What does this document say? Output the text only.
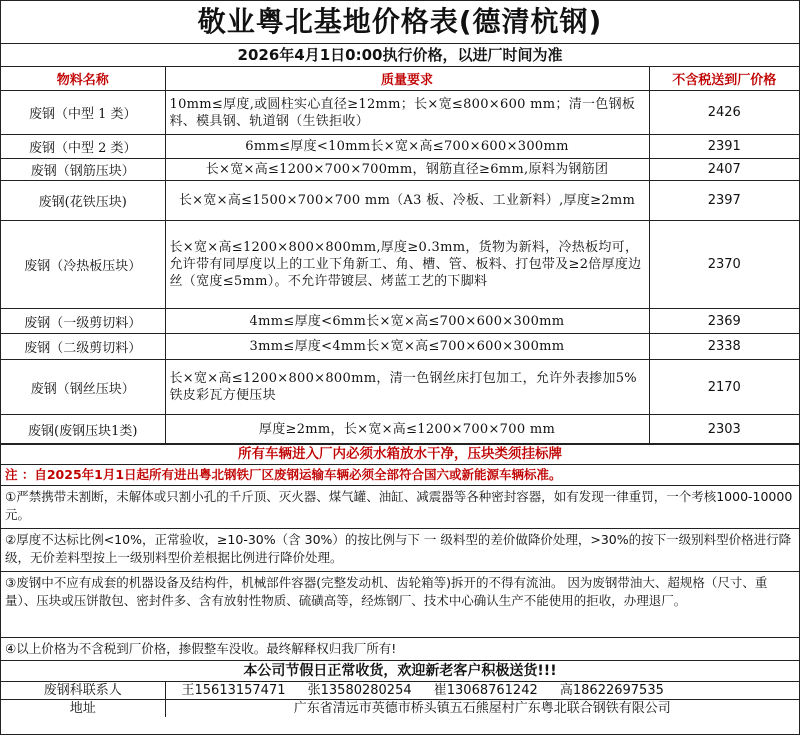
敬业粤北基地价格表(德清杭钢)
2026年4月1日0:00执行价格，以进厂时间为准
物料名称	质量要求	不含税送到厂价格
废钢（中型 1 类）	10mm≤厚度,或圆柱实心直径≥12mm；长×宽≤800×600 mm；清一色钢板料、模具钢、轨道钢（生铁拒收）	2426
废钢（中型 2 类）	6mm≤厚度<10mm长×宽×高≤700×600×300mm	2391
废钢（钢筋压块）	长×宽×高≤1200×700×700mm，钢筋直径≥6mm,原料为钢筋团	2407
废钢(花铁压块)	长×宽×高≤1500×700×700 mm（A3 板、冷板、工业新料）,厚度≥2mm	2397
废钢（冷热板压块）	长×宽×高≤1200×800×800mm,厚度≥0.3mm，货物为新料，冷热板均可，允许带有同厚度以上的工业下角新工、角、槽、管、板料、打包带及≥2倍厚度边丝（宽度≤5mm）。不允许带镀层、烤蓝工艺的下脚料	2370
废钢（一级剪切料）	4mm≤厚度<6mm长×宽×高≤700×600×300mm	2369
废钢（二级剪切料）	3mm≤厚度<4mm长×宽×高≤700×600×300mm	2338
废钢（钢丝压块）	长×宽×高≤1200×800×800mm，清一色钢丝床打包加工，允许外表掺加5%铁皮彩瓦方便压块	2170
废钢(废钢压块1类)	厚度≥2mm，长×宽×高≤1200×700×700 mm	2303
所有车辆进入厂内必须水箱放水干净，压块类须挂标牌
注 ：自2025年1月1日起所有进出粤北钢铁厂区废钢运输车辆必须全部符合国六或新能源车辆标准。
①严禁携带未割断，未解体或只割小孔的千斤顶、灭火器、煤气罐、油缸、减震器等各种密封容器，如有发现一律重罚，一个考核1000-10000元。
②厚度不达标比例<10%，正常验收，≥10-30%（含 30%）的按比例与下 一 级料型的差价做降价处理，>30%的按下一级别料型价格进行降级，无价差料型按上一级别料型价差根据比例进行降价处理。
③废钢中不应有成套的机器设备及结构件，机械部件容器(完整发动机、齿轮箱等)拆开的不得有流油。 因为废钢带油大、超规格（尺寸、重量）、压块或压饼散包、密封件多、含有放射性物质、硫磺高等，经炼钢厂、技术中心确认生产不能使用的拒收，办理退厂。
④以上价格为不含税到厂价格，掺假整车没收。最终解释权归我厂所有!
本公司节假日正常收货，欢迎新老客户积极送货!!!
废钢科联系人	王15613157471 张13580280254 崔13068761242 高18622697535
地址	广东省清远市英德市桥头镇五石熊屋村广东粤北联合钢铁有限公司
